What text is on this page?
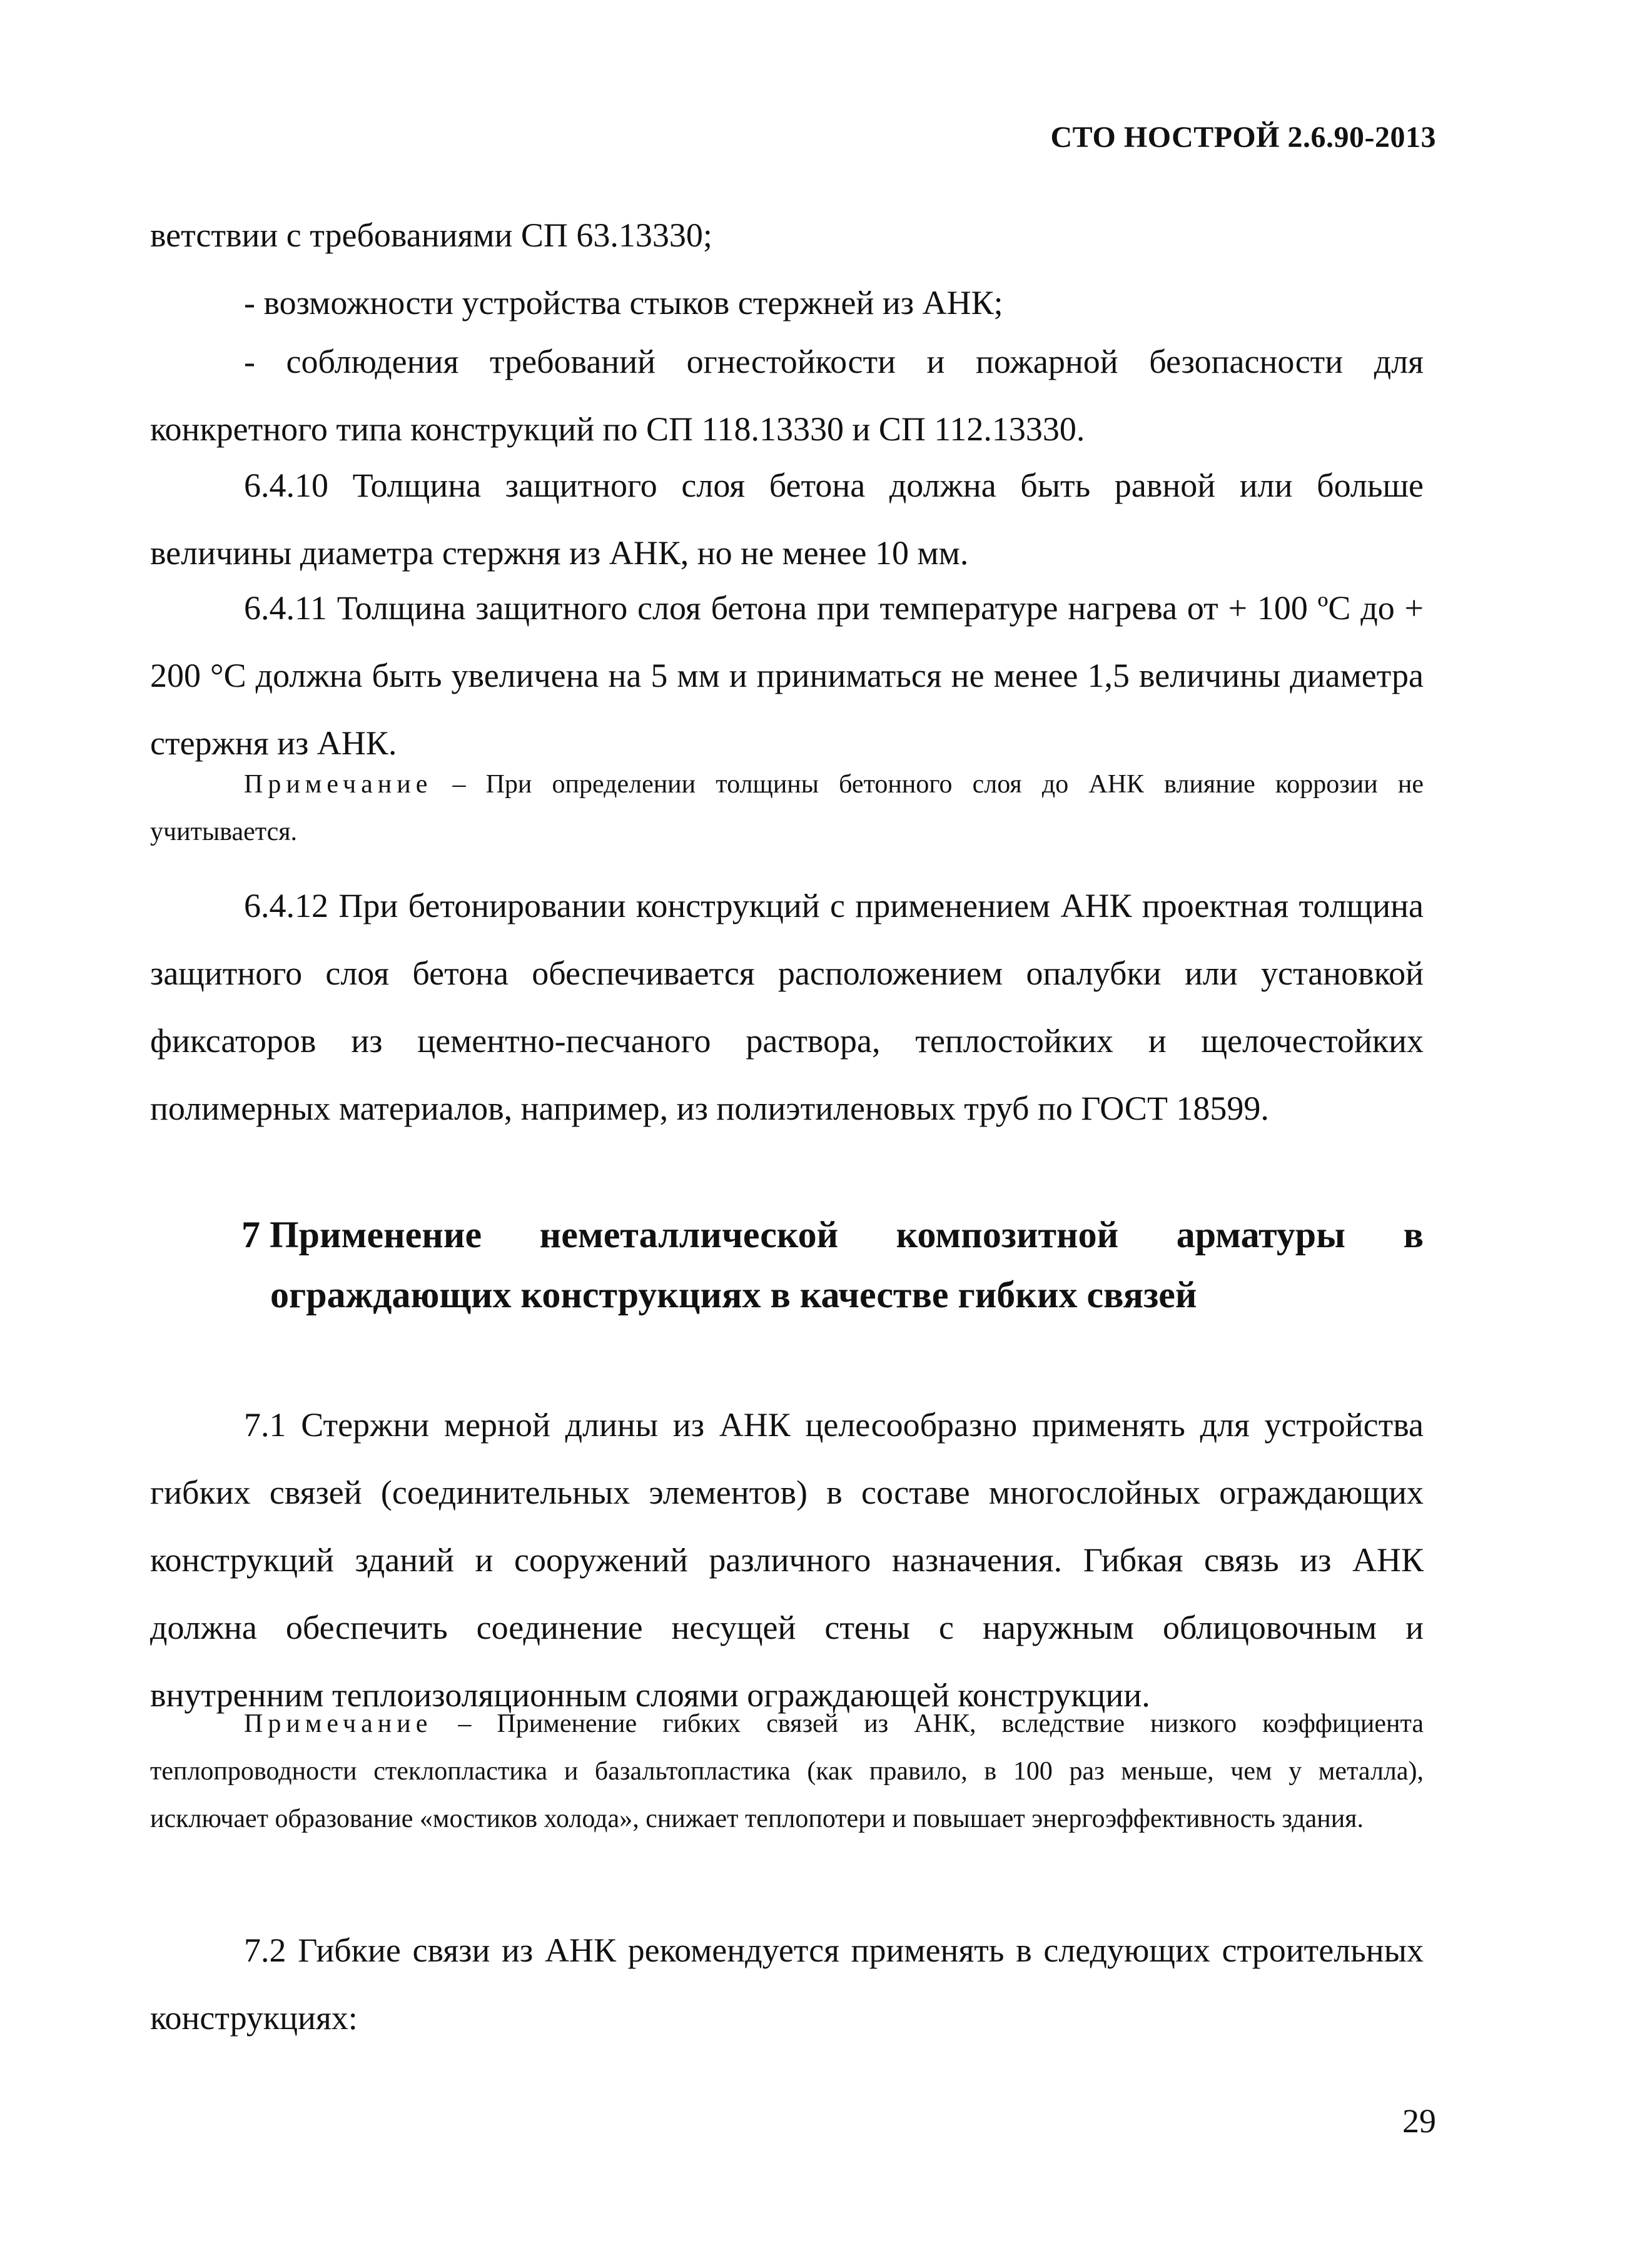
СТО НОСТРОЙ 2.6.90-2013

ветствии с требованиями СП 63.13330;

- возможности устройства стыков стержней из АНК;

- соблюдения требований огнестойкости и пожарной безопасности для конкретного типа конструкций по СП 118.13330 и СП 112.13330.

6.4.10 Толщина защитного слоя бетона должна быть равной или больше величины диаметра стержня из АНК, но не менее 10 мм.

6.4.11 Толщина защитного слоя бетона при температуре нагрева от + 100 ºС до + 200 °С должна быть увеличена на 5 мм и приниматься не менее 1,5 величины диаметра стержня из АНК.

Примечание – При определении толщины бетонного слоя до АНК влияние коррозии не учитывается.

6.4.12 При бетонировании конструкций с применением АНК проектная толщина защитного слоя бетона обеспечивается расположением опалубки или установкой фиксаторов из цементно-песчаного раствора, теплостойких и щелочестойких полимерных материалов, например, из полиэтиленовых труб по ГОСТ 18599.

7 Применение неметаллической композитной арматуры в
ограждающих конструкциях в качестве гибких связей

7.1 Стержни мерной длины из АНК целесообразно применять для устройства гибких связей (соединительных элементов) в составе многослойных ограждающих конструкций зданий и сооружений различного назначения. Гибкая связь из АНК должна обеспечить соединение несущей стены с наружным облицовочным и внутренним теплоизоляционным слоями ограждающей конструкции.

Примечание – Применение гибких связей из АНК, вследствие низкого коэффициента теплопроводности стеклопластика и базальтопластика (как правило, в 100 раз меньше, чем у металла), исключает образование «мостиков холода», снижает теплопотери и повышает энергоэффективность здания.

7.2 Гибкие связи из АНК рекомендуется применять в следующих строительных конструкциях:

29
